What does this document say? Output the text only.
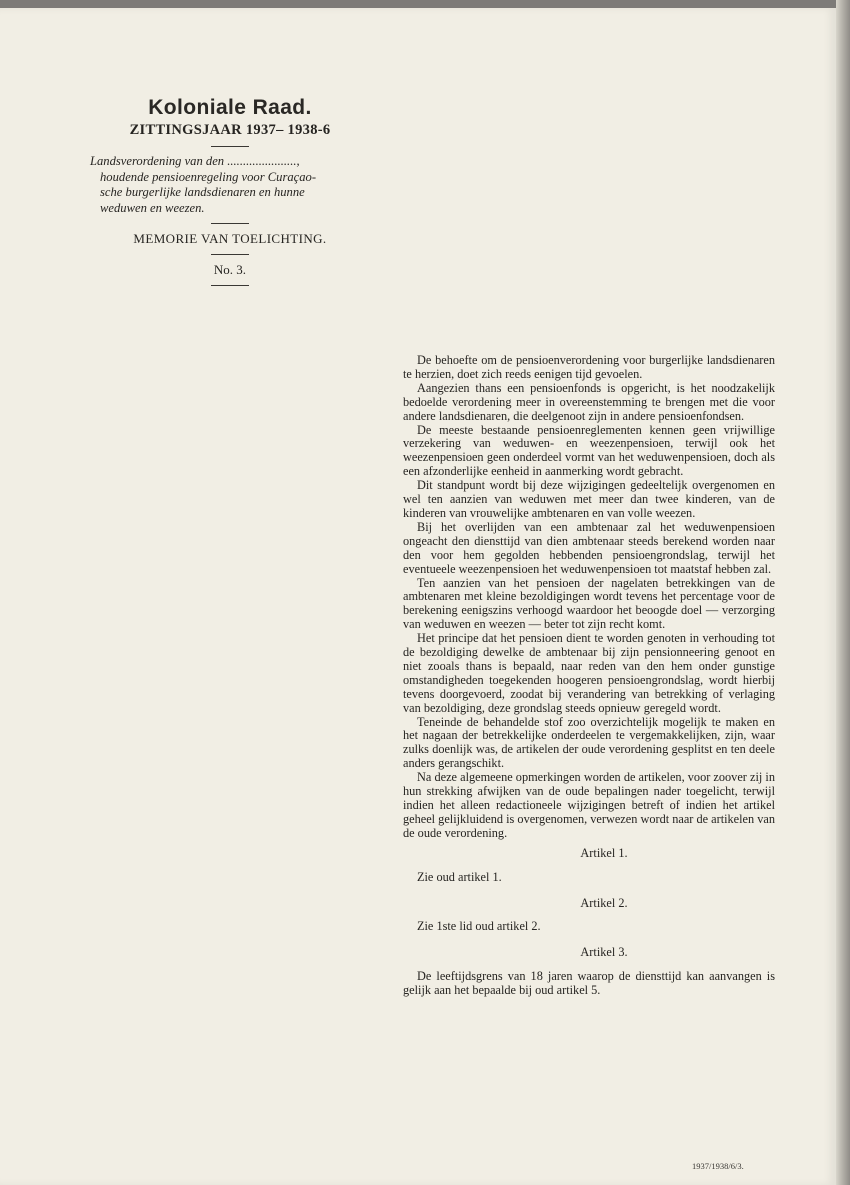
Koloniale Raad.
ZITTINGSJAAR 1937– 1938-6
Landsverordening van den ......................,
houdende pensioenregeling voor Curaçao-
sche burgerlijke landsdienaren en hunne
weduwen en weezen.
MEMORIE VAN TOELICHTING.
No. 3.

De behoefte om de pensioenverordening voor burgerlijke landsdienaren te herzien, doet zich reeds eenigen tijd gevoelen.

Aangezien thans een pensioenfonds is opgericht, is het noodzakelijk bedoelde verordening meer in overeenstemming te brengen met die voor andere landsdienaren, die deelgenoot zijn in andere pensioenfondsen.

De meeste bestaande pensioenreglementen kennen geen vrijwillige verzekering van weduwen- en weezenpensioen, terwijl ook het weezenpensioen geen onderdeel vormt van het weduwenpensioen, doch als een afzonderlijke eenheid in aanmerking wordt gebracht.

Dit standpunt wordt bij deze wijzigingen gedeeltelijk overgenomen en wel ten aanzien van weduwen met meer dan twee kinderen, van de kinderen van vrouwelijke ambtenaren en van volle weezen.

Bij het overlijden van een ambtenaar zal het weduwenpensioen ongeacht den diensttijd van dien ambtenaar steeds berekend worden naar den voor hem gegolden hebbenden pensioengrondslag, terwijl het eventueele weezenpensioen het weduwenpensioen tot maatstaf hebben zal.

Ten aanzien van het pensioen der nagelaten betrekkingen van de ambtenaren met kleine bezoldigingen wordt tevens het percentage voor de berekening eenigszins verhoogd waardoor het beoogde doel — verzorging van weduwen en weezen — beter tot zijn recht komt.

Het principe dat het pensioen dient te worden genoten in verhouding tot de bezoldiging dewelke de ambtenaar bij zijn pensionneering genoot en niet zooals thans is bepaald, naar reden van den hem onder gunstige omstandigheden toegekenden hoogeren pensioengrondslag, wordt hierbij tevens doorgevoerd, zoodat bij verandering van betrekking of verlaging van bezoldiging, deze grondslag steeds opnieuw geregeld wordt.

Teneinde de behandelde stof zoo overzichtelijk mogelijk te maken en het nagaan der betrekkelijke onderdeelen te vergemakkelijken, zijn, waar zulks doenlijk was, de artikelen der oude verordening gesplitst en ten deele anders gerangschikt.

Na deze algemeene opmerkingen worden de artikelen, voor zoover zij in hun strekking afwijken van de oude bepalingen nader toegelicht, terwijl indien het alleen redactioneele wijzigingen betreft of indien het artikel geheel gelijkluidend is overgenomen, verwezen wordt naar de artikelen van de oude verordening.

Artikel 1.

Zie oud artikel 1.

Artikel 2.

Zie 1ste lid oud artikel 2.

Artikel 3.

De leeftijdsgrens van 18 jaren waarop de diensttijd kan aanvangen is gelijk aan het bepaalde bij oud artikel 5.

1937/1938/6/3.
